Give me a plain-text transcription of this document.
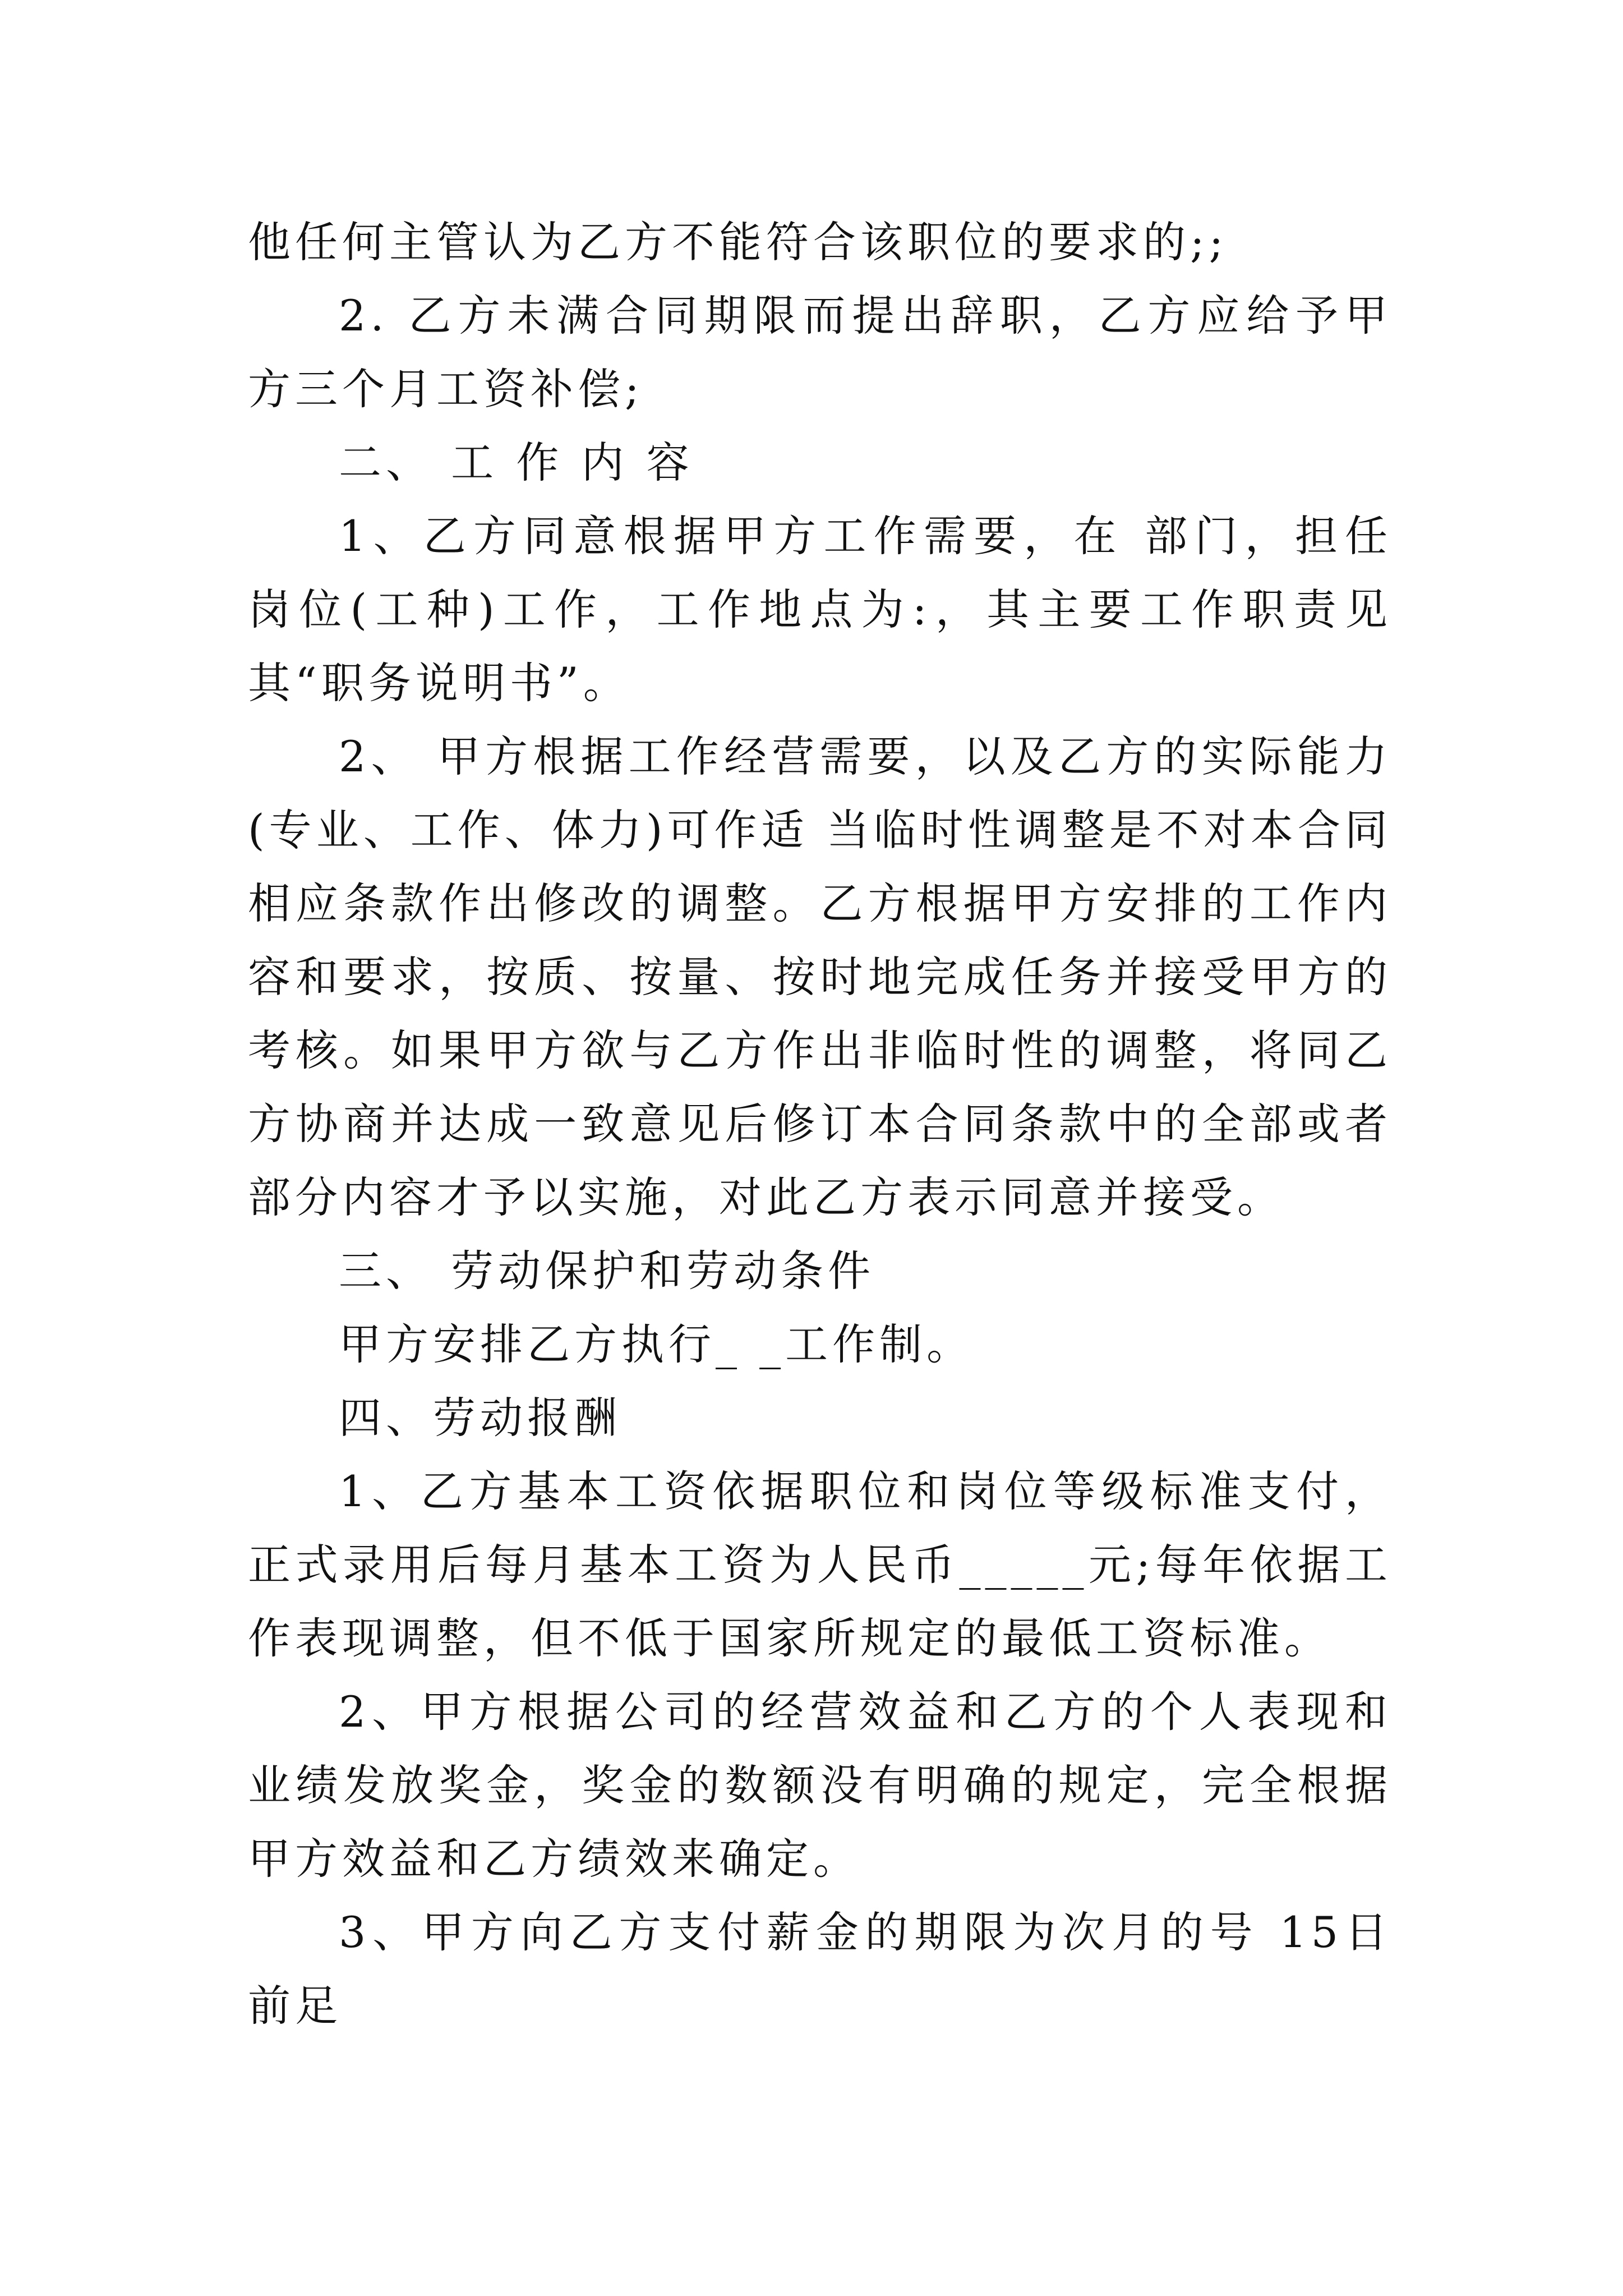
他任何主管认为乙方不能符合该职位的要求的;;

2. 乙方未满合同期限而提出辞职，乙方应给予甲方三个月工资补偿;

二、 工 作 内 容

1、乙方同意根据甲方工作需要，在 部门，担任 岗位(工种)工作，工作地点为:，其主要工作职责见其“职务说明书”。

2、 甲方根据工作经营需要，以及乙方的实际能力(专业、工作、体力)可作适 当临时性调整是不对本合同相应条款作出修改的调整。乙方根据甲方安排的工作内容和要求，按质、按量、按时地完成任务并接受甲方的考核。如果甲方欲与乙方作出非临时性的调整，将同乙方协商并达成一致意见后修订本合同条款中的全部或者部分内容才予以实施，对此乙方表示同意并接受。

三、 劳动保护和劳动条件

甲方安排乙方执行_ _工作制。

四、劳动报酬

1、乙方基本工资依据职位和岗位等级标准支付，正式录用后每月基本工资为人民币_____元;每年依据工作表现调整，但不低于国家所规定的最低工资标准。

2、甲方根据公司的经营效益和乙方的个人表现和业绩发放奖金，奖金的数额没有明确的规定，完全根据甲方效益和乙方绩效来确定。

3、甲方向乙方支付薪金的期限为次月的号 15日 前足
